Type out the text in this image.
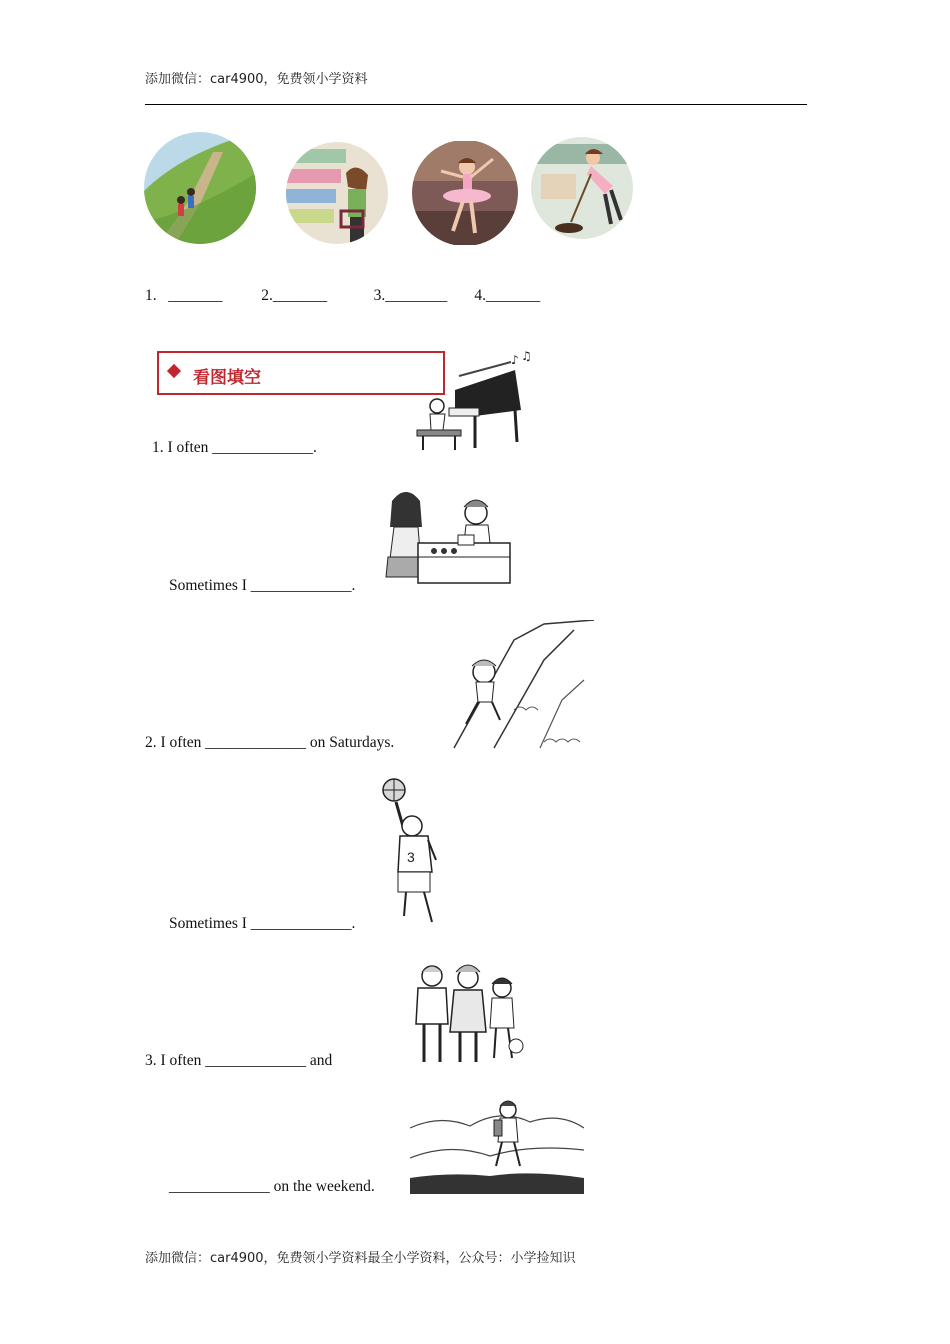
添加微信：car4900，免费领小学资料
1.   _______          2._______            3.________       4._______
看图填空
♪ ♫
1. I often _____________.
Sometimes I _____________.
2. I often _____________ on Saturdays.
3
Sometimes I _____________.
3. I often _____________ and
_____________ on the weekend.
添加微信：car4900，免费领小学资料最全小学资料，公众号：小学捡知识
